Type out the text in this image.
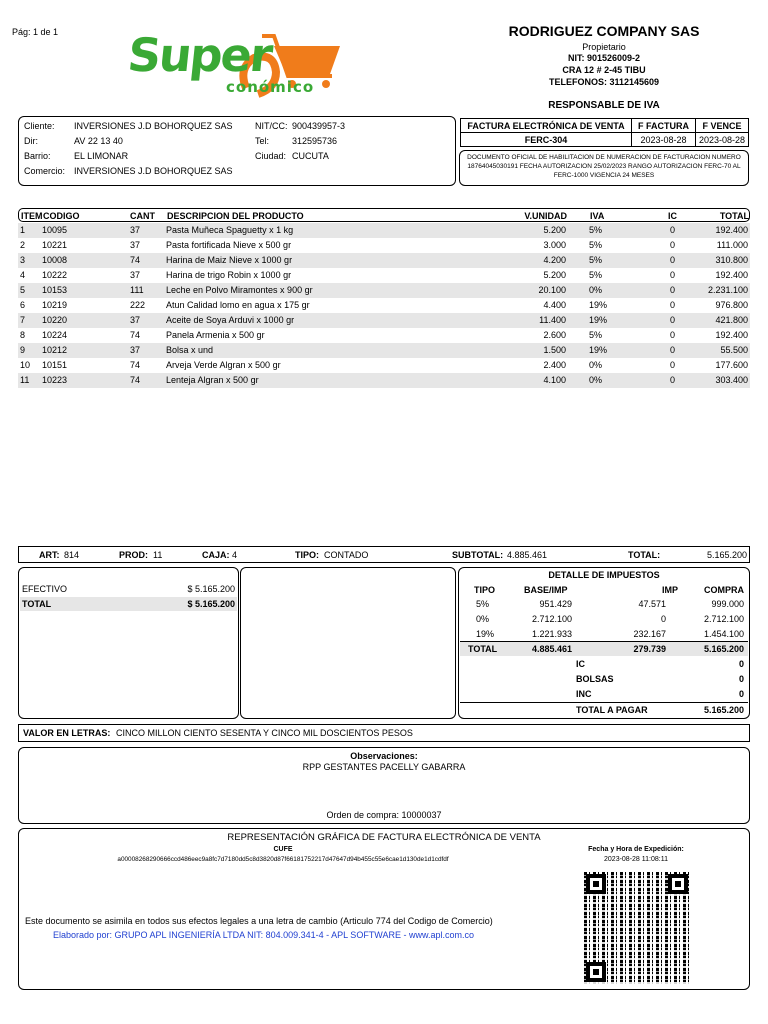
Pág: 1 de 1 Super
conómico
RODRIGUEZ COMPANY SAS
Propietario
NIT: 901526009-2
CRA 12 # 2-45 TIBU
TELEFONOS: 3112145609
RESPONSABLE DE IVA
Cliente: INVERSIONES J.D BOHORQUEZ SAS NIT/CC: 900439957-3
Dir:	AV 22 13 40	Tel:	312595736
Barrio:	EL LIMONAR	Ciudad: CUCUTA
Comercio: INVERSIONES J.D BOHORQUEZ SAS
FACTURA ELECTRÓNICA DE VENTA	F FACTURA	F VENCE
FERC-304	2023-08-28	2023-08-28
DOCUMENTO OFICIAL DE HABILITACION DE NUMERACION DE FACTURACION NUMERO 18764045030191 FECHA AUTORIZACION 25/02/2023 RANGO AUTORIZACION FERC-70 AL FERC-1000 VIGENCIA 24 MESES
ITEM CODIGO	CANT DESCRIPCION DEL PRODUCTO	V.UNIDAD	IVA	IC	TOTAL
1 10095	37	Pasta Muñeca Spaguetty x 1 kg	5.200	5%	0	192.400
2 10221	37	Pasta fortificada Nieve x 500 gr	3.000	5%	0	111.000
3 10008	74	Harina de Maiz Nieve x 1000 gr	4.200	5%	0	310.800
4 10222	37	Harina de trigo Robin x 1000 gr	5.200	5%	0	192.400
5 10153	111 Leche en Polvo Miramontes x 900 gr	20.100	0%	0	2.231.100
6 10219	222 Atun Calidad lomo en agua x 175 gr	4.400	19%	0	976.800
7 10220	37	Aceite de Soya Arduvi x 1000 gr	11.400	19%	0	421.800
8 10224	74	Panela Armenia x 500 gr	2.600	5%	0	192.400
9 10212	37	Bolsa x und	1.500	19%	0	55.500
10 10151	74	Arveja Verde Algran x 500 gr	2.400	0%	0	177.600
11 10223	74	Lenteja Algran x 500 gr	4.100	0%	0	303.400
ART: 814	PROD: 11	CAJA: 4	TIPO: CONTADO	SUBTOTAL: 4.885.461	TOTAL:	5.165.200
EFECTIVO	$ 5.165.200
TOTAL	$ 5.165.200
DETALLE DE IMPUESTOS
TIPO	BASE/IMP	IMP	COMPRA
5%	951.429	47.571	999.000
0%	2.712.100	0	2.712.100
19%	1.221.933	232.167	1.454.100
TOTAL	4.885.461	279.739	5.165.200
IC	0
BOLSAS	0
INC	0
TOTAL A PAGAR	5.165.200
VALOR EN LETRAS: CINCO MILLON CIENTO SESENTA Y CINCO MIL DOSCIENTOS PESOS
Observaciones:
RPP GESTANTES PACELLY GABARRA
Orden de compra: 10000037
REPRESENTACIÓN GRÁFICA DE FACTURA ELECTRÓNICA DE VENTA
CUFE
a00008268290666ccd486eec9a8fc7d7180dd5c8d3820d87f66181752217d47647d94b455c55e6cae1d130de1d1cdfdf
Fecha y Hora de Expedición:
2023-08-28 11:08:11
Este documento se asimila en todos sus efectos legales a una letra de cambio (Articulo 774 del Codigo de Comercio)
Elaborado por: GRUPO APL INGENIERÍA LTDA NIT: 804.009.341-4 - APL SOFTWARE - www.apl.com.co
